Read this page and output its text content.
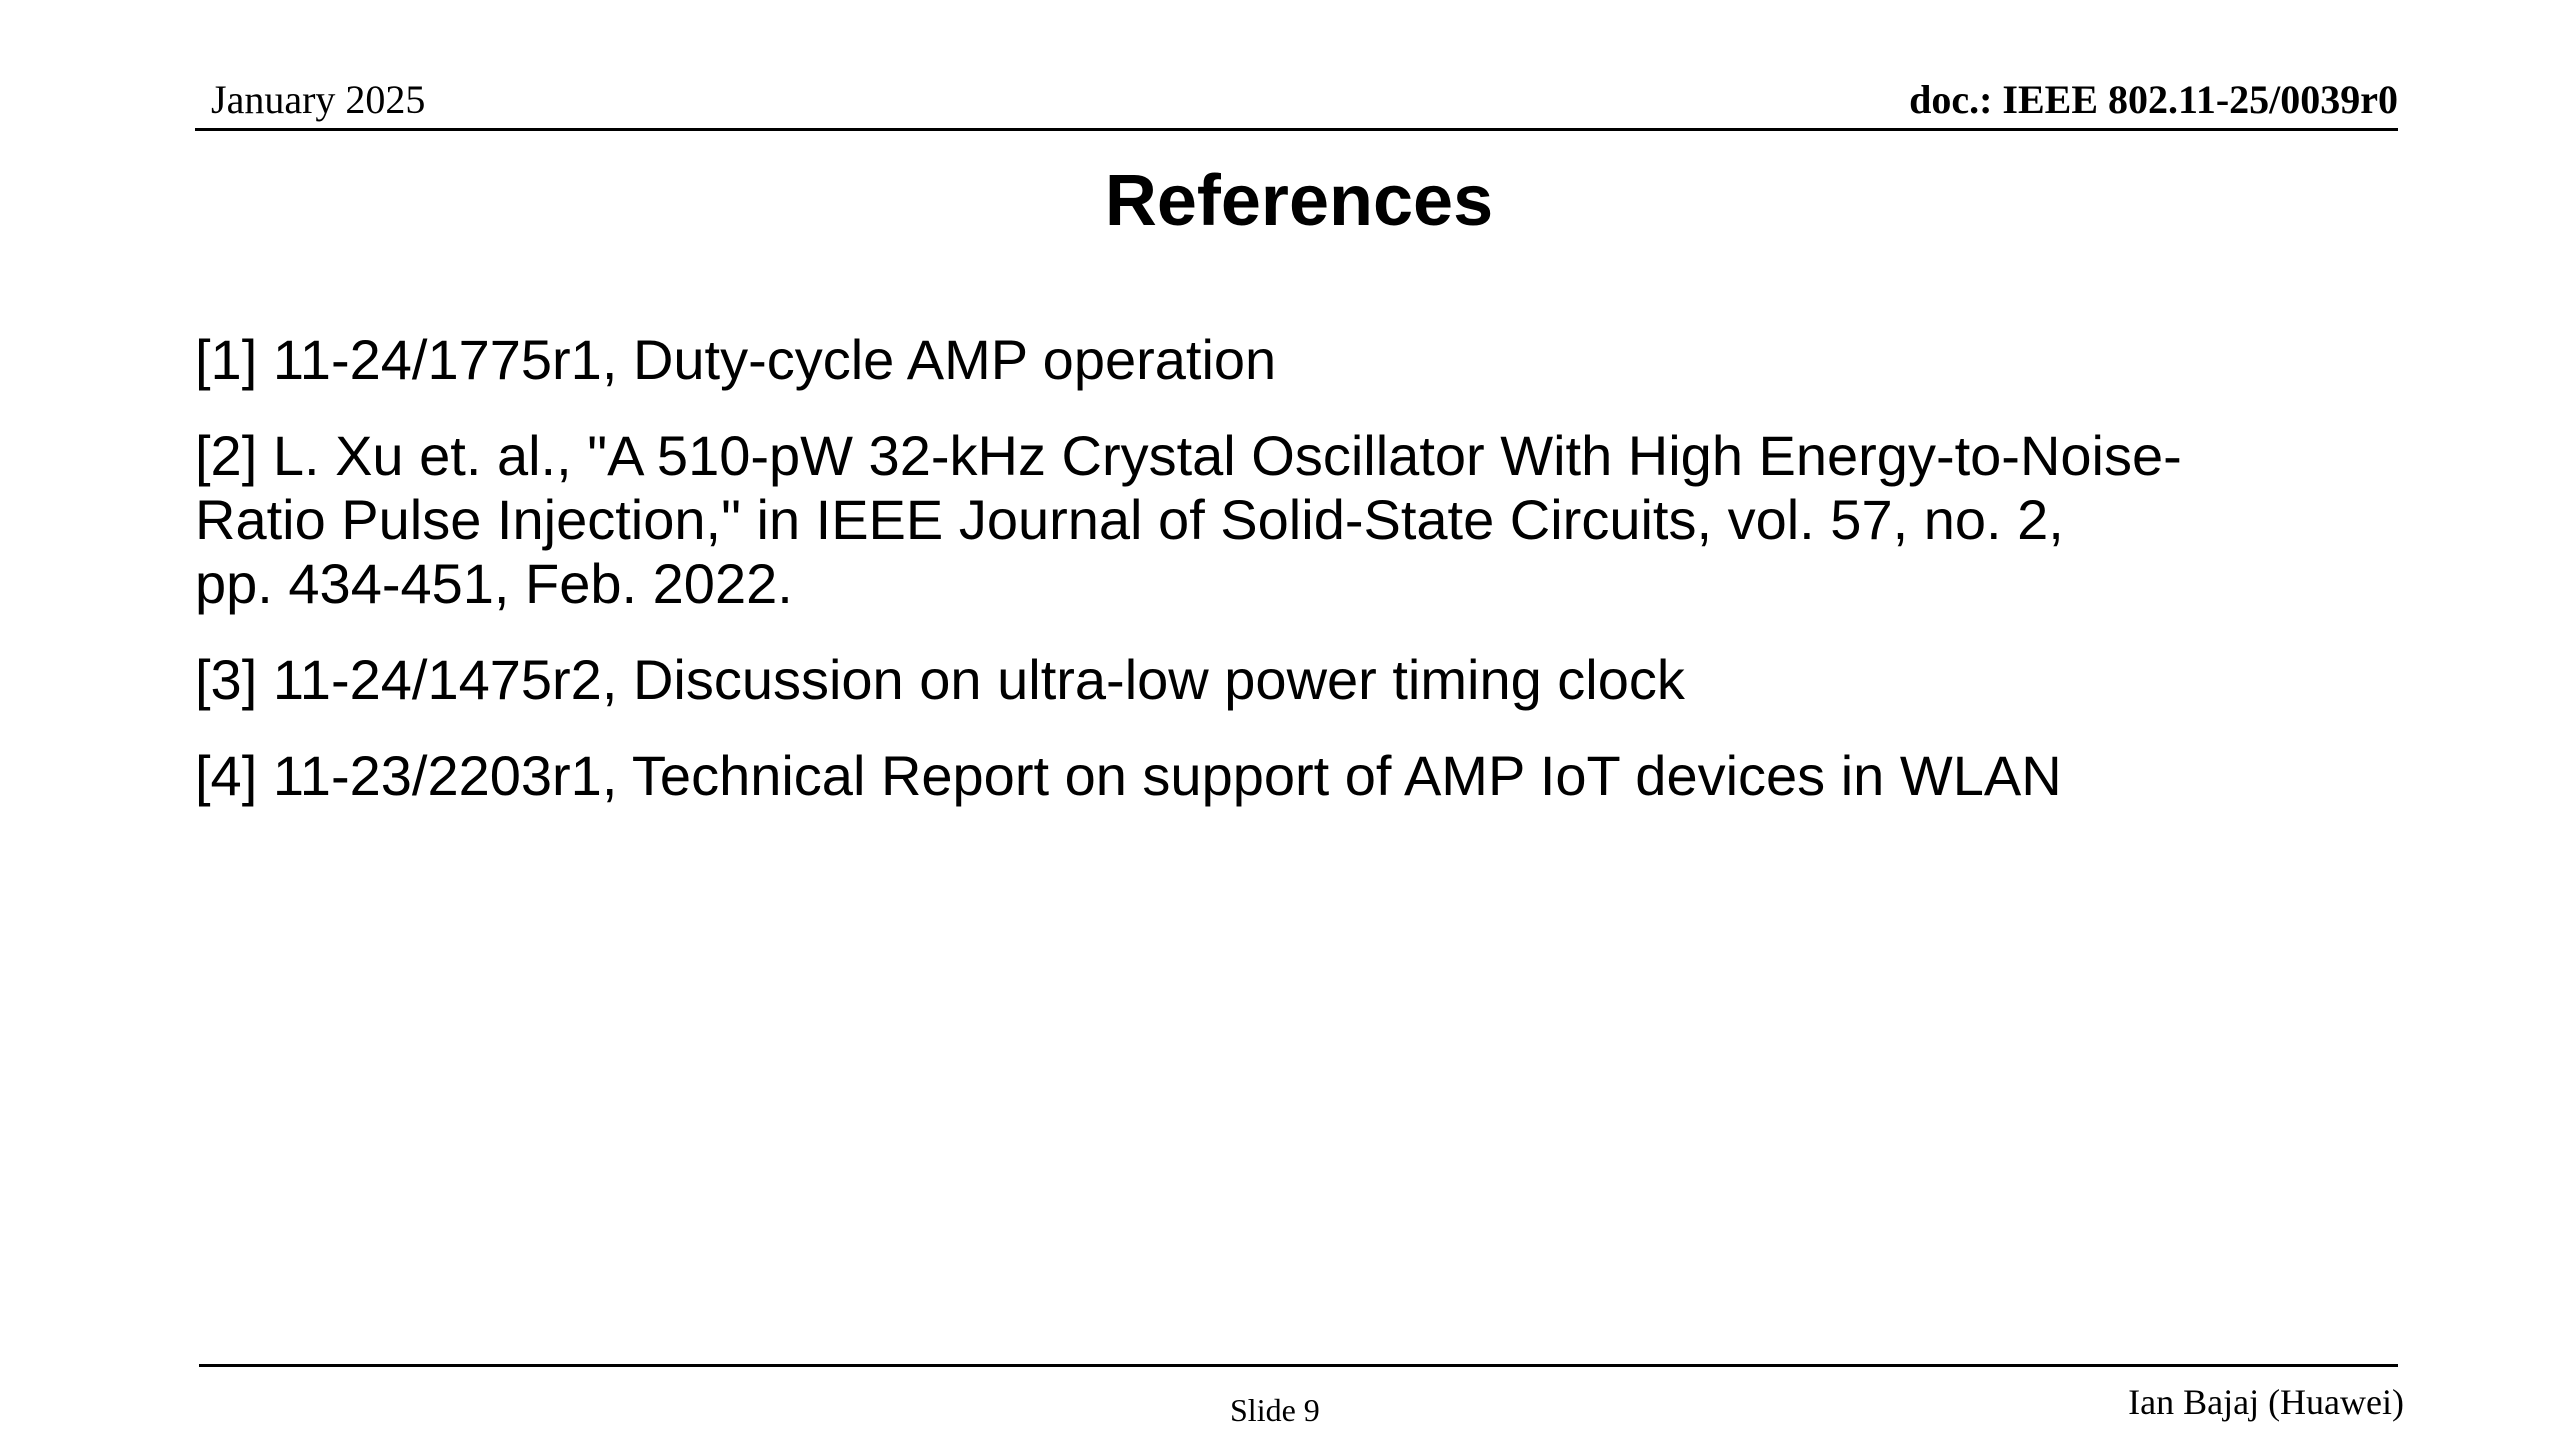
January 2025	doc.: IEEE 802.11-25/0039r0
References
[1] 11-24/1775r1, Duty-cycle AMP operation
[2] L. Xu et. al., "A 510-pW 32-kHz Crystal Oscillator With High Energy-to-Noise-
Ratio Pulse Injection," in IEEE Journal of Solid-State Circuits, vol. 57, no. 2,
pp. 434-451, Feb. 2022.
[3] 11-24/1475r2, Discussion on ultra-low power timing clock
[4] 11-23/2203r1, Technical Report on support of AMP IoT devices in WLAN
Slide 9	Ian Bajaj (Huawei)
